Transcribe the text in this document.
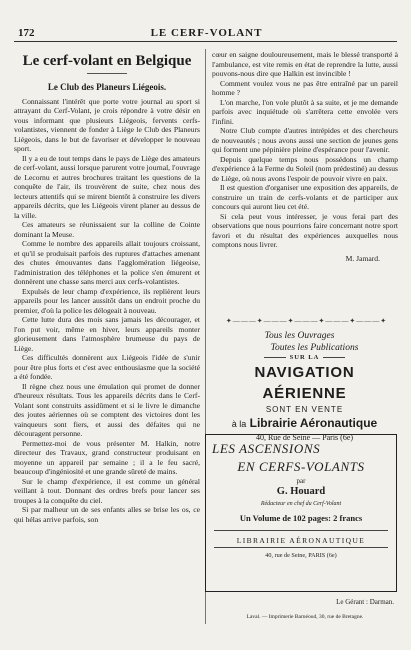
172	LE CERF-VOLANT
Le cerf-volant en Belgique
Le Club des Planeurs Liégeois.

Connaissant l'intérêt que porte votre journal au sport si attrayant du Cerf-Volant, je crois répondre à votre désir en vous informant que plusieurs Liégeois, fervents cerfs-volantistes, viennent de fonder à Liège le Club des Planeurs Liégeois, dans le but de favoriser et développer le nouveau sport.

Il y a eu de tout temps dans le pays de Liège des amateurs de cerf-volant, aussi lorsque parurent votre journal, l'ouvrage de Lecornu et autres brochures traitant les questions de la conquête de l'air, ils trouvèrent de suite, chez nous des lecteurs attentifs qui se mirent bientôt à construire les divers appareils décrits, que les Liégeois virent planer au dessus de la ville.

Ces amateurs se réunissaient sur la colline de Cointe dominant la Meuse.

Comme le nombre des appareils allait toujours croissant, et qu'il se produisait parfois des ruptures d'attaches amenant des chutes émouvantes dans l'agglomération liégeoise, l'administration des téléphones et la police s'en émurent et donnèrent une chasse sans merci aux cerfs-volantistes.

Expulsés de leur champ d'expérience, ils replièrent leurs appareils pour les lancer aussitôt dans un endroit proche du premier, d'où la police les délogeait à nouveau.

Cette lutte dura des mois sans jamais les décourager, et l'on put voir, même en hiver, leurs appareils monter glorieusement dans l'atmosphère brumeuse du pays de Liège.

Ces difficultés donnèrent aux Liégeois l'idée de s'unir pour être plus forts et c'est avec enthousiasme que la société a été fondée.

Il règne chez nous une émulation qui promet de donner d'heureux résultats. Tous les appareils décrits dans le Cerf-Volant sont construits assidûment et si le livre le dimanche des joutes aériennes où se comptent des victoires dont les vainqueurs sont fiers, et aussi des défaites qui ne découragent personne.

Permettez-moi de vous présenter M. Halkin, notre directeur des Travaux, grand constructeur produisant en moyenne un appareil par semaine ; il a le feu sacré, beaucoup d'ingéniosité et une grande sûreté de mains.

Sur le champ d'expérience, il est comme un général veillant à tout. Donnant des ordres brefs pour lancer ses troupes à la conquête du ciel.

Si par malheur un de ses enfants alles se brise les os, ce qui hélas arrive parfois, son

cœur en saigne douloureusement, mais le blessé transporté à l'ambulance, est vite remis en état de reprendre la lutte, aussi pouvons-nous dire que Halkin est invincible !

Comment voulez vous ne pas être entraîné par un pareil homme ?

L'on marche, l'on vole plutôt à sa suite, et je me demande parfois avec inquiétude où s'arrêtera cette envolée vers l'infini.

Notre Club compte d'autres intrépides et des chercheurs de nouveautés ; nous avons aussi une section de jeunes gens qui forment une pépinière pleine d'espérance pour l'avenir.

Depuis quelque temps nous possédons un champ d'expérience à la Ferme du Soleil (nom prédestiné) au dessus de Liège, où nous avons l'espoir de pouvoir vivre en paix.

Il est question d'organiser une exposition des appareils, de construire un train de cerfs-volants et de participer aux concours qui auront lieu cet été.

Si cela peut vous intéresser, je vous ferai part des observations que nous pourrions faire concernant notre sport favori et du résultat des expériences auxquelles nous comptons nous livrer.

M. Jamard.
✦———✦———✦———✦———✦———✦
Tous les Ouvrages
Toutes les Publications
SUR LA
NAVIGATION AÉRIENNE
SONT EN VENTE
à la Librairie Aéronautique
40, Rue de Seine — Paris (6e)
LES ASCENSIONS
EN CERFS-VOLANTS
par
G. Houard
Rédacteur en chef du Cerf-Volant
Un Volume de 102 pages: 2 francs
LIBRAIRIE AÉRONAUTIQUE
40, rue de Seine, PARIS (6e)
Le Gérant : Darman.
Laval. — Imprimerie Barnéoud, 30, rue de Bretagne.
